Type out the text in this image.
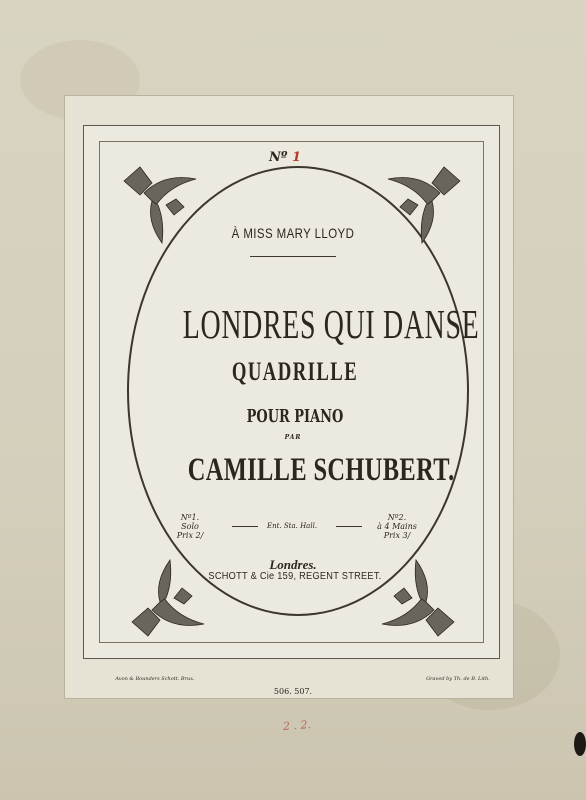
Nº 1
À MISS MARY LLOYD
LONDRES QUI DANSE
QUADRILLE
POUR PIANO
PAR
CAMILLE SCHUBERT.
Nº1.
Solo
Prix 2/
Ent. Sta. Hall.
Nº2.
à 4 Mains
Prix 3/
Londres.
SCHOTT & Cie 159, REGENT STREET.
Avon & Bounders Schott. Brux.
506. 507.
Graved by Th. de B. Lith.
2 . 2.
